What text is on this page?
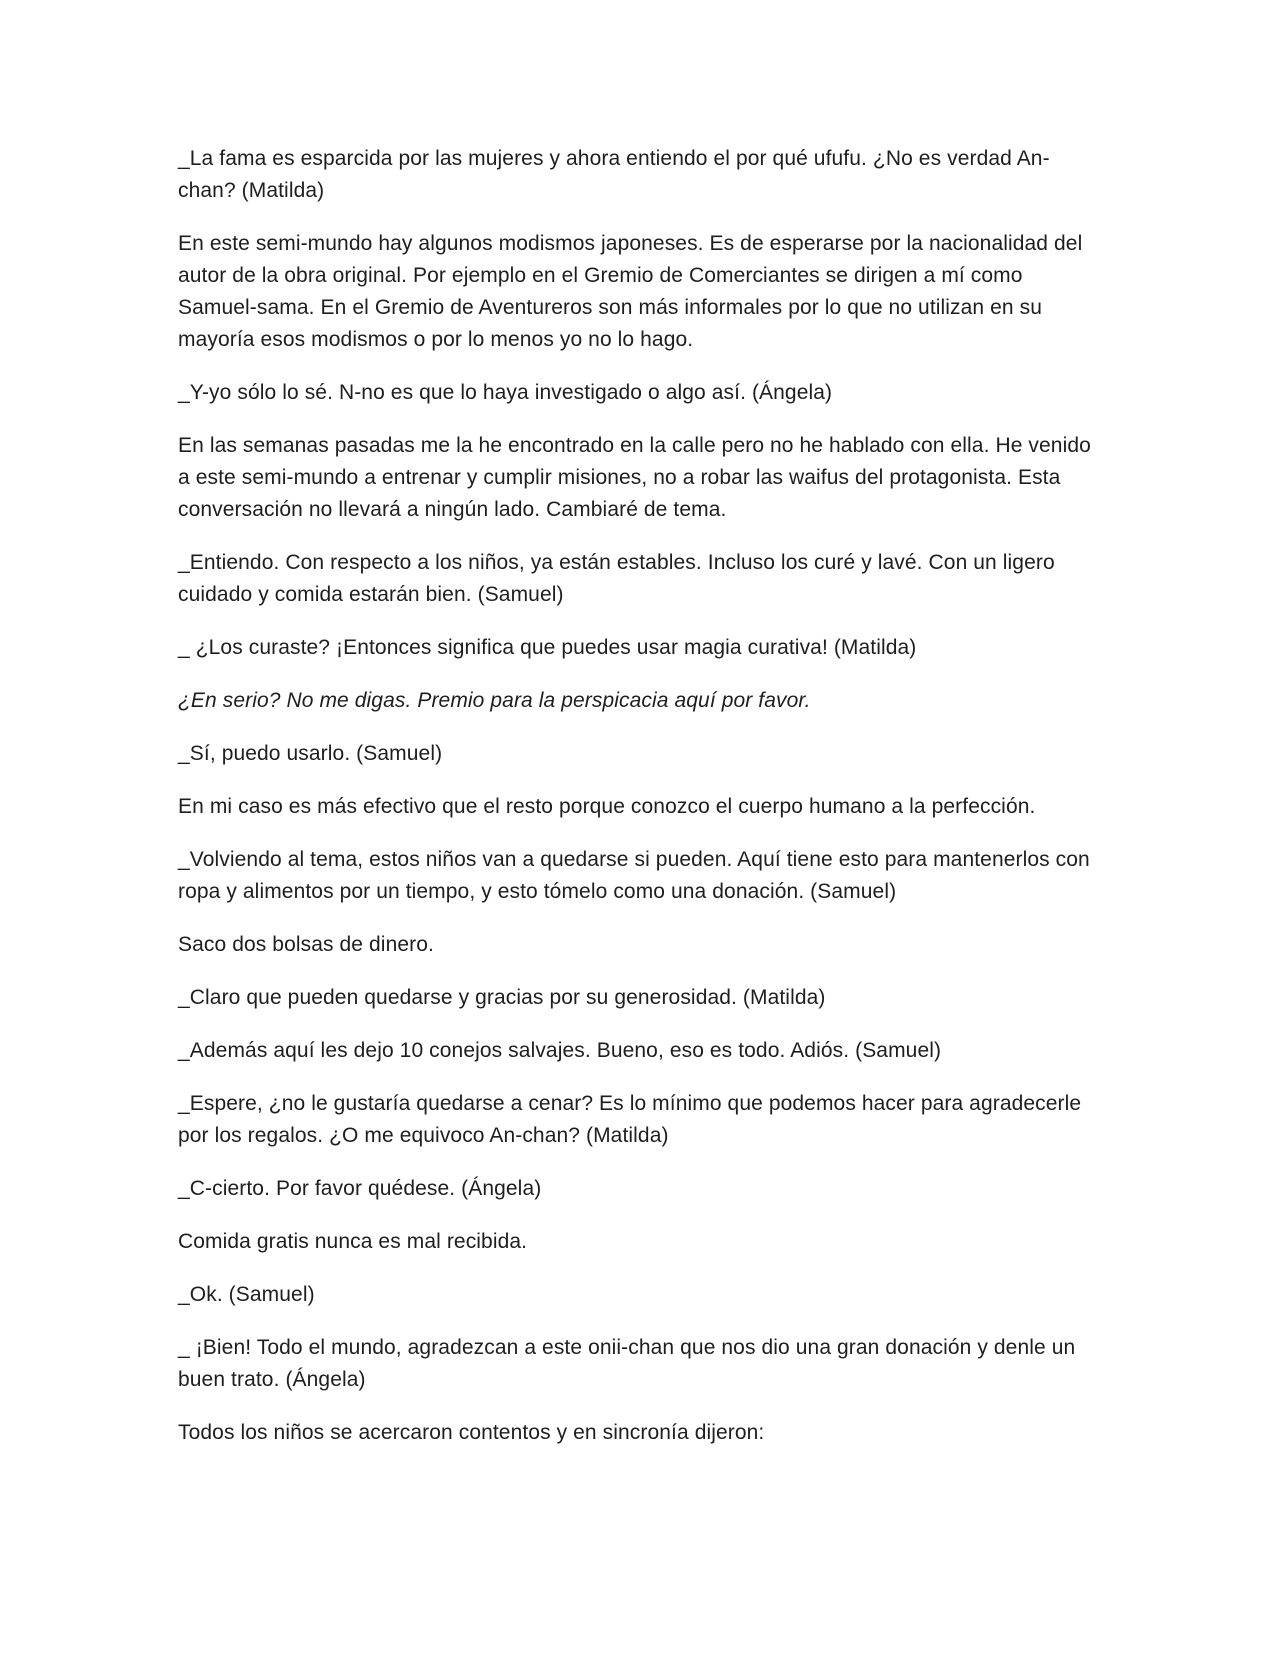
_La fama es esparcida por las mujeres y ahora entiendo el por qué ufufu. ¿No es verdad An-chan? (Matilda)

En este semi-mundo hay algunos modismos japoneses. Es de esperarse por la nacionalidad del autor de la obra original. Por ejemplo en el Gremio de Comerciantes se dirigen a mí como Samuel-sama. En el Gremio de Aventureros son más informales por lo que no utilizan en su mayoría esos modismos o por lo menos yo no lo hago.

_Y-yo sólo lo sé. N-no es que lo haya investigado o algo así. (Ángela)

En las semanas pasadas me la he encontrado en la calle pero no he hablado con ella. He venido a este semi-mundo a entrenar y cumplir misiones, no a robar las waifus del protagonista. Esta conversación no llevará a ningún lado. Cambiaré de tema.

_Entiendo. Con respecto a los niños, ya están estables. Incluso los curé y lavé. Con un ligero cuidado y comida estarán bien. (Samuel)

_ ¿Los curaste? ¡Entonces significa que puedes usar magia curativa! (Matilda)

¿En serio? No me digas. Premio para la perspicacia aquí por favor.

_Sí, puedo usarlo. (Samuel)

En mi caso es más efectivo que el resto porque conozco el cuerpo humano a la perfección.

_Volviendo al tema, estos niños van a quedarse si pueden. Aquí tiene esto para mantenerlos con ropa y alimentos por un tiempo, y esto tómelo como una donación. (Samuel)

Saco dos bolsas de dinero.

_Claro que pueden quedarse y gracias por su generosidad. (Matilda)

_Además aquí les dejo 10 conejos salvajes. Bueno, eso es todo. Adiós. (Samuel)

_Espere, ¿no le gustaría quedarse a cenar? Es lo mínimo que podemos hacer para agradecerle por los regalos. ¿O me equivoco An-chan? (Matilda)

_C-cierto. Por favor quédese. (Ángela)

Comida gratis nunca es mal recibida.

_Ok. (Samuel)

_ ¡Bien! Todo el mundo, agradezcan a este onii-chan que nos dio una gran donación y denle un buen trato. (Ángela)

Todos los niños se acercaron contentos y en sincronía dijeron:
